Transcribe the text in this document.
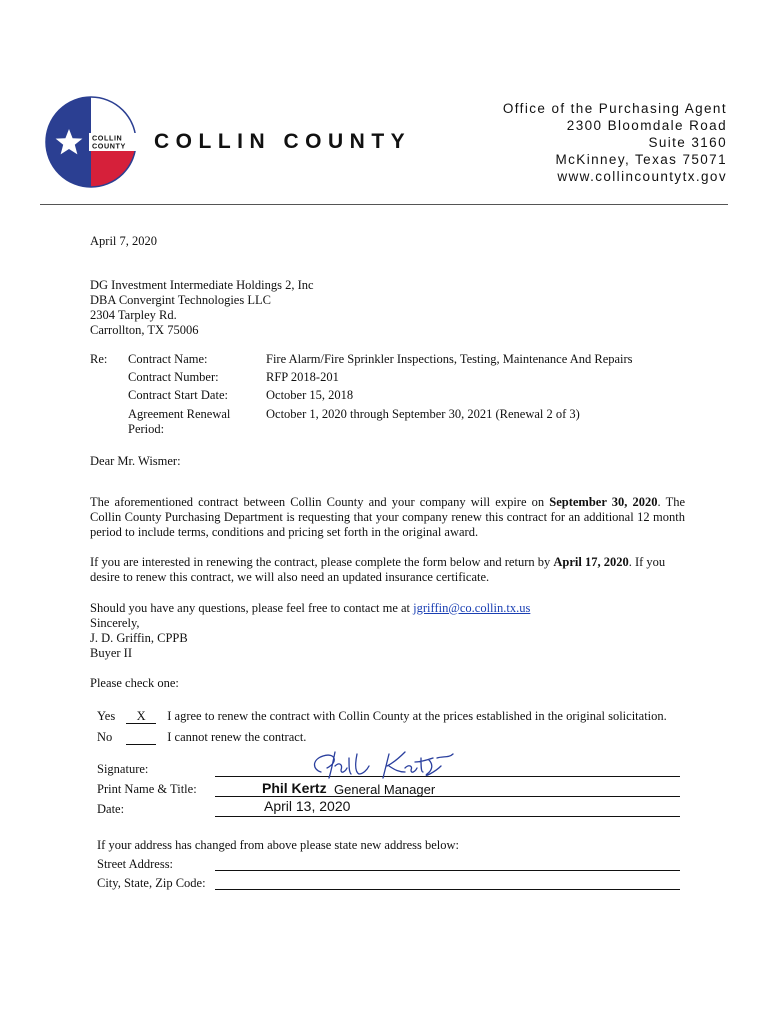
COLLIN
COUNTY COLLIN COUNTY
Office of the Purchasing Agent
2300 Bloomdale Road
Suite 3160
McKinney, Texas 75071
www.collincountytx.gov
April 7, 2020

DG Investment Intermediate Holdings 2, Inc

DBA Convergint Technologies LLC

2304 Tarpley Rd.

Carrollton, TX 75006

Re: Contract Name:	Fire Alarm/Fire Sprinkler Inspections, Testing, Maintenance And Repairs
Contract Number:	RFP 2018-201
Contract Start Date:	October 15, 2018
Agreement Renewal	October 1, 2020 through September 30, 2021 (Renewal 2 of 3)
Period:
Dear Mr. Wismer:

The aforementioned contract between Collin County and your company will expire on September 30, 2020. The Collin County Purchasing Department is requesting that your company renew this contract for an additional 12 month period to include terms, conditions and pricing set forth in the original award.

If you are interested in renewing the contract, please complete the form below and return by April 17, 2020. If you desire to renew this contract, we will also need an updated insurance certificate.

Should you have any questions, please feel free to contact me at jgriffin@co.collin.tx.us

Sincerely,

J. D. Griffin, CPPB

Buyer II

Please check one:
Yes X I agree to renew the contract with Collin County at the prices established in the original solicitation.
No	I cannot renew the contract.
Signature:
Print Name & Title:	Phil Kertz General Manager
Date:	April 13, 2020
If your address has changed from above please state new address below:
Street Address:
City, State, Zip Code:
